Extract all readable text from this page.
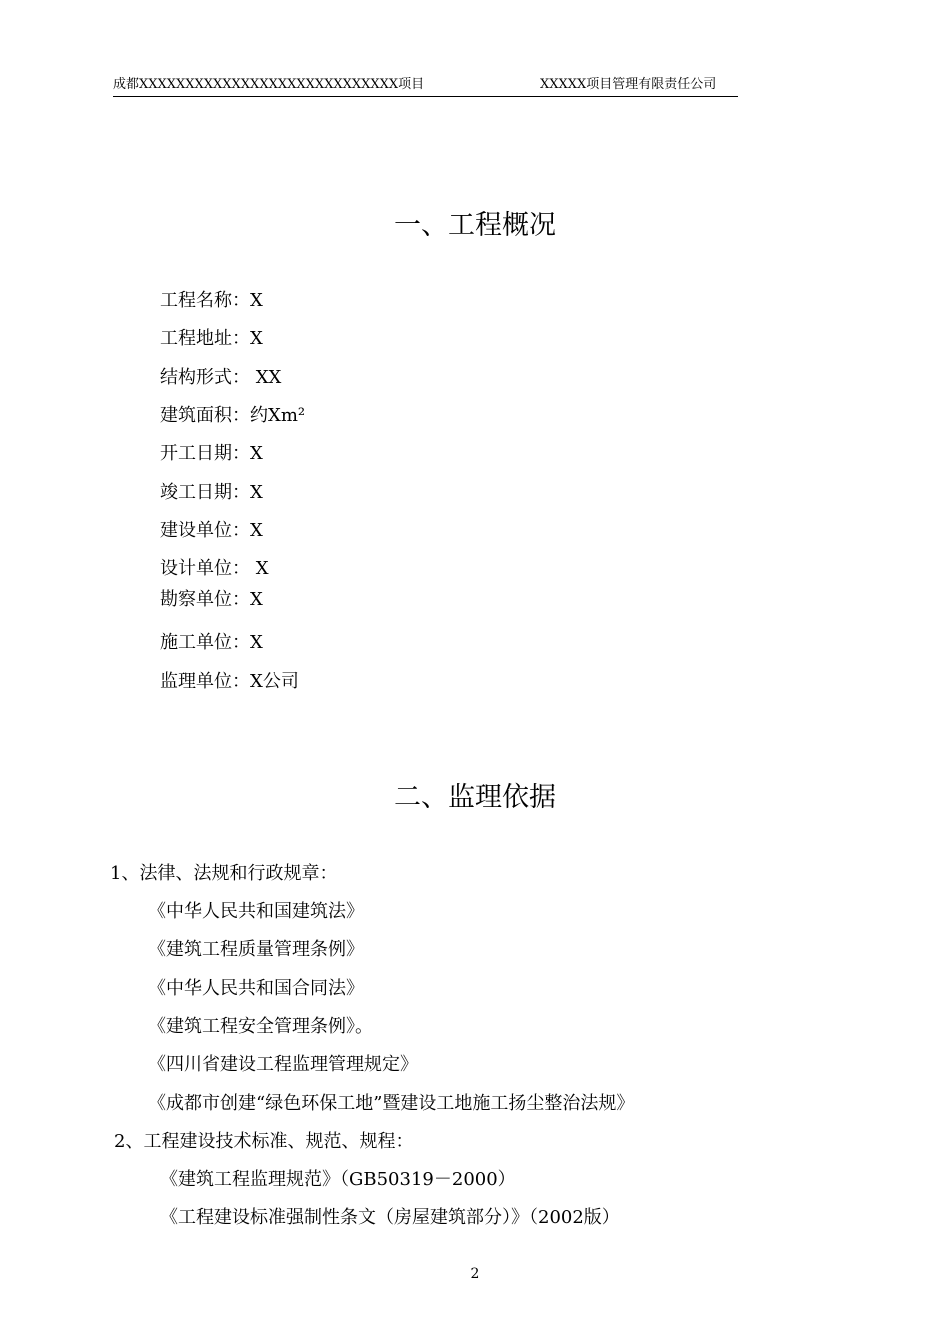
成都XXXXXXXXXXXXXXXXXXXXXXXXXXXX项目	XXXXX项目管理有限责任公司
一、工程概况
工程名称：X
工程地址：X
结构形式： XX
建筑面积：约Xm²
开工日期：X
竣工日期：X
建设单位：X
设计单位： X
勘察单位：X
施工单位：X
监理单位：X公司
二、监理依据
1、法律、法规和行政规章：
《中华人民共和国建筑法》
《建筑工程质量管理条例》
《中华人民共和国合同法》
《建筑工程安全管理条例》。
《四川省建设工程监理管理规定》
《成都市创建“绿色环保工地”暨建设工地施工扬尘整治法规》
2、工程建设技术标准、规范、规程：
《建筑工程监理规范》（GB50319－2000）
《工程建设标准强制性条文（房屋建筑部分）》（2002版）
2
